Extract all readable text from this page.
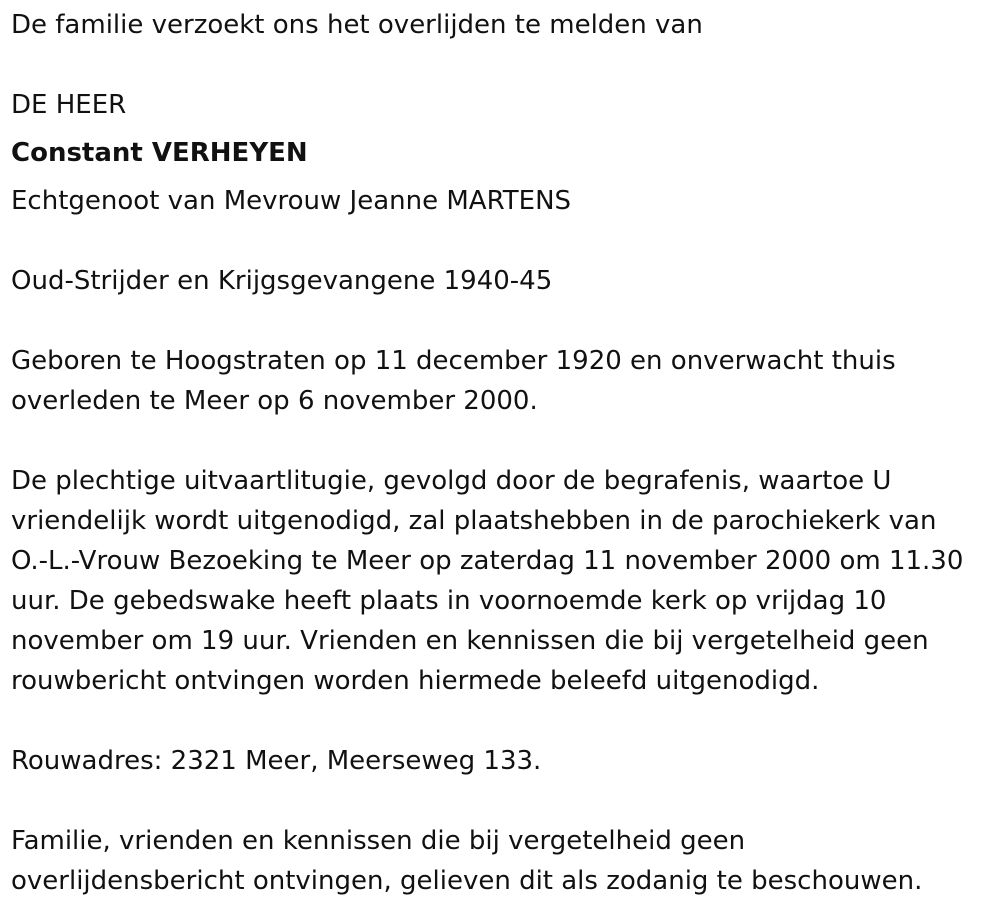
De familie verzoekt ons het overlijden te melden van
DE HEER
Constant VERHEYEN
Echtgenoot van Mevrouw Jeanne MARTENS
Oud-Strijder en Krijgsgevangene 1940-45
Geboren te Hoogstraten op 11 december 1920 en onverwacht thuis
overleden te Meer op 6 november 2000.
De plechtige uitvaartlitugie, gevolgd door de begrafenis, waartoe U
vriendelijk wordt uitgenodigd, zal plaatshebben in de parochiekerk van
O.-L.-Vrouw Bezoeking te Meer op zaterdag 11 november 2000 om 11.30
uur. De gebedswake heeft plaats in voornoemde kerk op vrijdag 10
november om 19 uur. Vrienden en kennissen die bij vergetelheid geen
rouwbericht ontvingen worden hiermede beleefd uitgenodigd.
Rouwadres: 2321 Meer, Meerseweg 133.
Familie, vrienden en kennissen die bij vergetelheid geen
overlijdensbericht ontvingen, gelieven dit als zodanig te beschouwen.
